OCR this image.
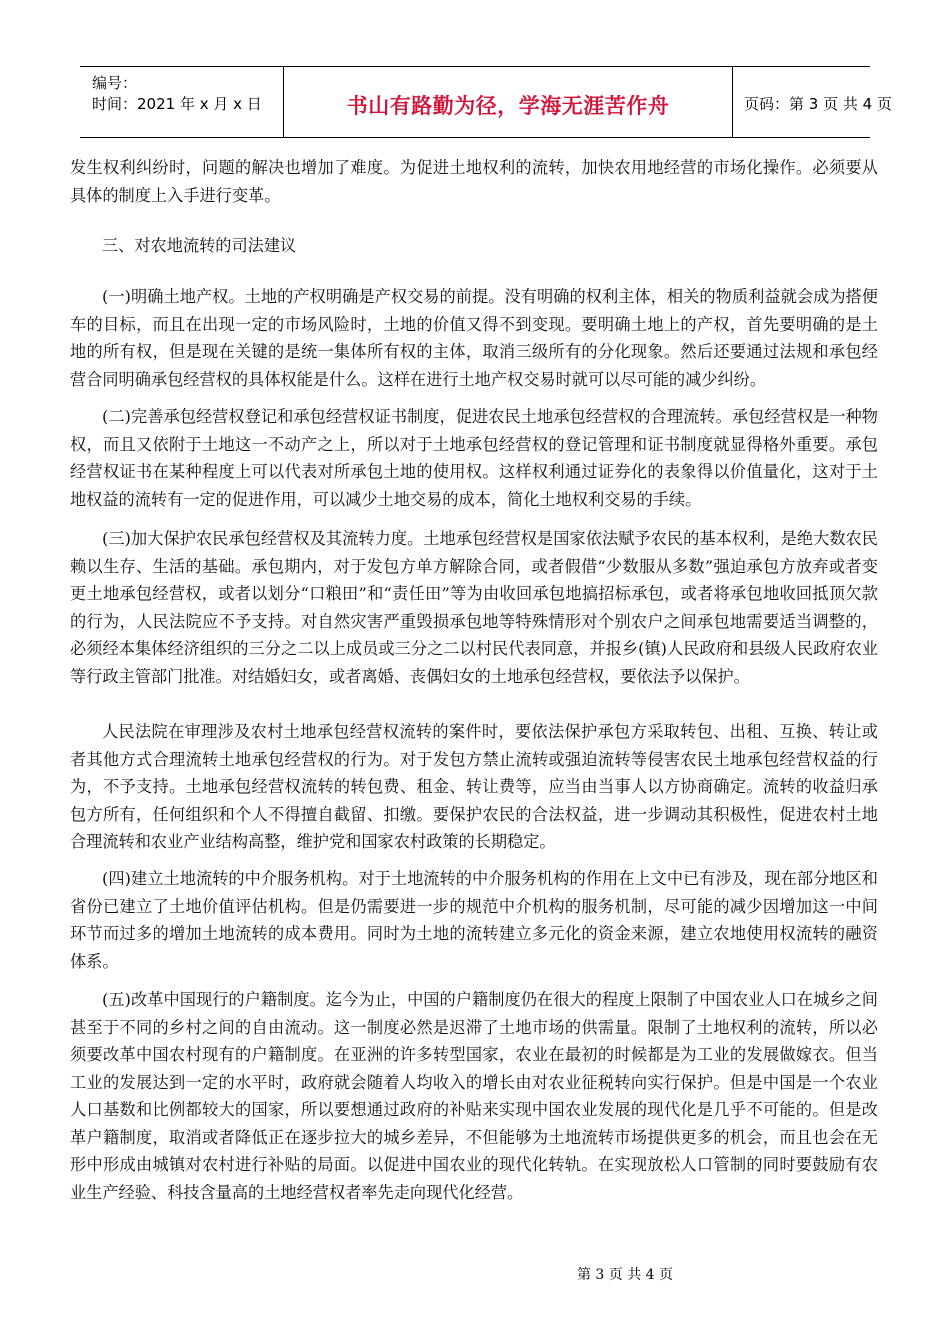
编号：
时间：2021 年 x 月 x 日	书山有路勤为径，学海无涯苦作舟	页码：第 3 页 共 4 页

发生权利纠纷时，问题的解决也增加了难度。为促进土地权利的流转，加快农用地经营的市场化操作。必须要从具体的制度上入手进行变革。

三、对农地流转的司法建议

(一)明确土地产权。土地的产权明确是产权交易的前提。没有明确的权利主体，相关的物质利益就会成为搭便车的目标，而且在出现一定的市场风险时，土地的价值又得不到变现。要明确土地上的产权，首先要明确的是土地的所有权，但是现在关键的是统一集体所有权的主体，取消三级所有的分化现象。然后还要通过法规和承包经营合同明确承包经营权的具体权能是什么。这样在进行土地产权交易时就可以尽可能的减少纠纷。

(二)完善承包经营权登记和承包经营权证书制度，促进农民土地承包经营权的合理流转。承包经营权是一种物权，而且又依附于土地这一不动产之上，所以对于土地承包经营权的登记管理和证书制度就显得格外重要。承包经营权证书在某种程度上可以代表对所承包土地的使用权。这样权利通过证券化的表象得以价值量化，这对于土地权益的流转有一定的促进作用，可以减少土地交易的成本，简化土地权利交易的手续。

(三)加大保护农民承包经营权及其流转力度。土地承包经营权是国家依法赋予农民的基本权利，是绝大数农民赖以生存、生活的基础。承包期内，对于发包方单方解除合同，或者假借“少数服从多数”强迫承包方放弃或者变更土地承包经营权，或者以划分“口粮田”和“责任田”等为由收回承包地搞招标承包，或者将承包地收回抵顶欠款的行为，人民法院应不予支持。对自然灾害严重毁损承包地等特殊情形对个别农户之间承包地需要适当调整的，必须经本集体经济组织的三分之二以上成员或三分之二以村民代表同意，并报乡(镇)人民政府和县级人民政府农业等行政主管部门批准。对结婚妇女，或者离婚、丧偶妇女的土地承包经营权，要依法予以保护。

人民法院在审理涉及农村土地承包经营权流转的案件时，要依法保护承包方采取转包、出租、互换、转让或者其他方式合理流转土地承包经营权的行为。对于发包方禁止流转或强迫流转等侵害农民土地承包经营权益的行为，不予支持。土地承包经营权流转的转包费、租金、转让费等，应当由当事人以方协商确定。流转的收益归承包方所有，任何组织和个人不得擅自截留、扣缴。要保护农民的合法权益，进一步调动其积极性，促进农村土地合理流转和农业产业结构高整，维护党和国家农村政策的长期稳定。

(四)建立土地流转的中介服务机构。对于土地流转的中介服务机构的作用在上文中已有涉及，现在部分地区和省份已建立了土地价值评估机构。但是仍需要进一步的规范中介机构的服务机制，尽可能的减少因增加这一中间环节而过多的增加土地流转的成本费用。同时为土地的流转建立多元化的资金来源，建立农地使用权流转的融资体系。

(五)改革中国现行的户籍制度。迄今为止，中国的户籍制度仍在很大的程度上限制了中国农业人口在城乡之间甚至于不同的乡村之间的自由流动。这一制度必然是迟滞了土地市场的供需量。限制了土地权利的流转，所以必须要改革中国农村现有的户籍制度。在亚洲的许多转型国家，农业在最初的时候都是为工业的发展做嫁衣。但当工业的发展达到一定的水平时，政府就会随着人均收入的增长由对农业征税转向实行保护。但是中国是一个农业人口基数和比例都较大的国家，所以要想通过政府的补贴来实现中国农业发展的现代化是几乎不可能的。但是改革户籍制度，取消或者降低正在逐步拉大的城乡差异，不但能够为土地流转市场提供更多的机会，而且也会在无形中形成由城镇对农村进行补贴的局面。以促进中国农业的现代化转轨。在实现放松人口管制的同时要鼓励有农业生产经验、科技含量高的土地经营权者率先走向现代化经营。

第 3 页 共 4 页
